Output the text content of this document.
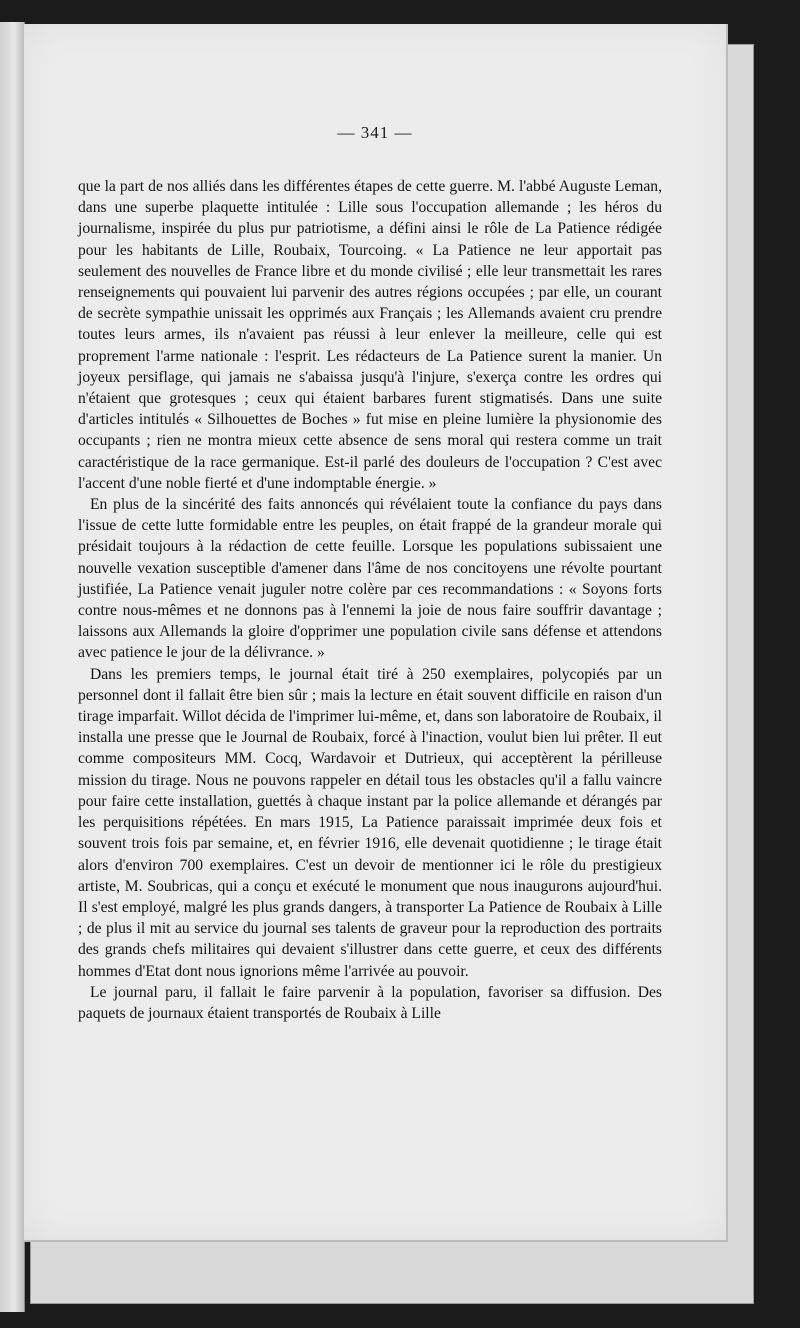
— 341 —

que la part de nos alliés dans les différentes étapes de cette guerre. M. l'abbé Auguste Leman, dans une superbe plaquette intitulée : Lille sous l'occupation allemande ; les héros du journalisme, inspirée du plus pur patriotisme, a défini ainsi le rôle de La Patience rédigée pour les habitants de Lille, Roubaix, Tourcoing. « La Patience ne leur apportait pas seulement des nouvelles de France libre et du monde civilisé ; elle leur transmettait les rares renseignements qui pouvaient lui parvenir des autres régions occupées ; par elle, un courant de secrète sympathie unissait les opprimés aux Français ; les Allemands avaient cru prendre toutes leurs armes, ils n'avaient pas réussi à leur enlever la meilleure, celle qui est proprement l'arme nationale : l'esprit. Les rédacteurs de La Patience surent la manier. Un joyeux persiflage, qui jamais ne s'abaissa jusqu'à l'injure, s'exerça contre les ordres qui n'étaient que grotesques ; ceux qui étaient barbares furent stigmatisés. Dans une suite d'articles intitulés « Silhouettes de Boches » fut mise en pleine lumière la physionomie des occupants ; rien ne montra mieux cette absence de sens moral qui restera comme un trait caractéristique de la race germanique. Est-il parlé des douleurs de l'occupation ? C'est avec l'accent d'une noble fierté et d'une indomptable énergie. »

En plus de la sincérité des faits annoncés qui révélaient toute la confiance du pays dans l'issue de cette lutte formidable entre les peuples, on était frappé de la grandeur morale qui présidait toujours à la rédaction de cette feuille. Lorsque les populations subissaient une nouvelle vexation susceptible d'amener dans l'âme de nos concitoyens une révolte pourtant justifiée, La Patience venait juguler notre colère par ces recommandations : « Soyons forts contre nous-mêmes et ne donnons pas à l'ennemi la joie de nous faire souffrir davantage ; laissons aux Allemands la gloire d'opprimer une population civile sans défense et attendons avec patience le jour de la délivrance. »

Dans les premiers temps, le journal était tiré à 250 exemplaires, polycopiés par un personnel dont il fallait être bien sûr ; mais la lecture en était souvent difficile en raison d'un tirage imparfait. Willot décida de l'imprimer lui-même, et, dans son laboratoire de Roubaix, il installa une presse que le Journal de Roubaix, forcé à l'inaction, voulut bien lui prêter. Il eut comme compositeurs MM. Cocq, Wardavoir et Dutrieux, qui acceptèrent la périlleuse mission du tirage. Nous ne pouvons rappeler en détail tous les obstacles qu'il a fallu vaincre pour faire cette installation, guettés à chaque instant par la police allemande et dérangés par les perquisitions répétées. En mars 1915, La Patience paraissait imprimée deux fois et souvent trois fois par semaine, et, en février 1916, elle devenait quotidienne ; le tirage était alors d'environ 700 exemplaires. C'est un devoir de mentionner ici le rôle du prestigieux artiste, M. Soubricas, qui a conçu et exécuté le monument que nous inaugurons aujourd'hui. Il s'est employé, malgré les plus grands dangers, à transporter La Patience de Roubaix à Lille ; de plus il mit au service du journal ses talents de graveur pour la reproduction des portraits des grands chefs militaires qui devaient s'illustrer dans cette guerre, et ceux des différents hommes d'Etat dont nous ignorions même l'arrivée au pouvoir.

Le journal paru, il fallait le faire parvenir à la population, favoriser sa diffusion. Des paquets de journaux étaient transportés de Roubaix à Lille
